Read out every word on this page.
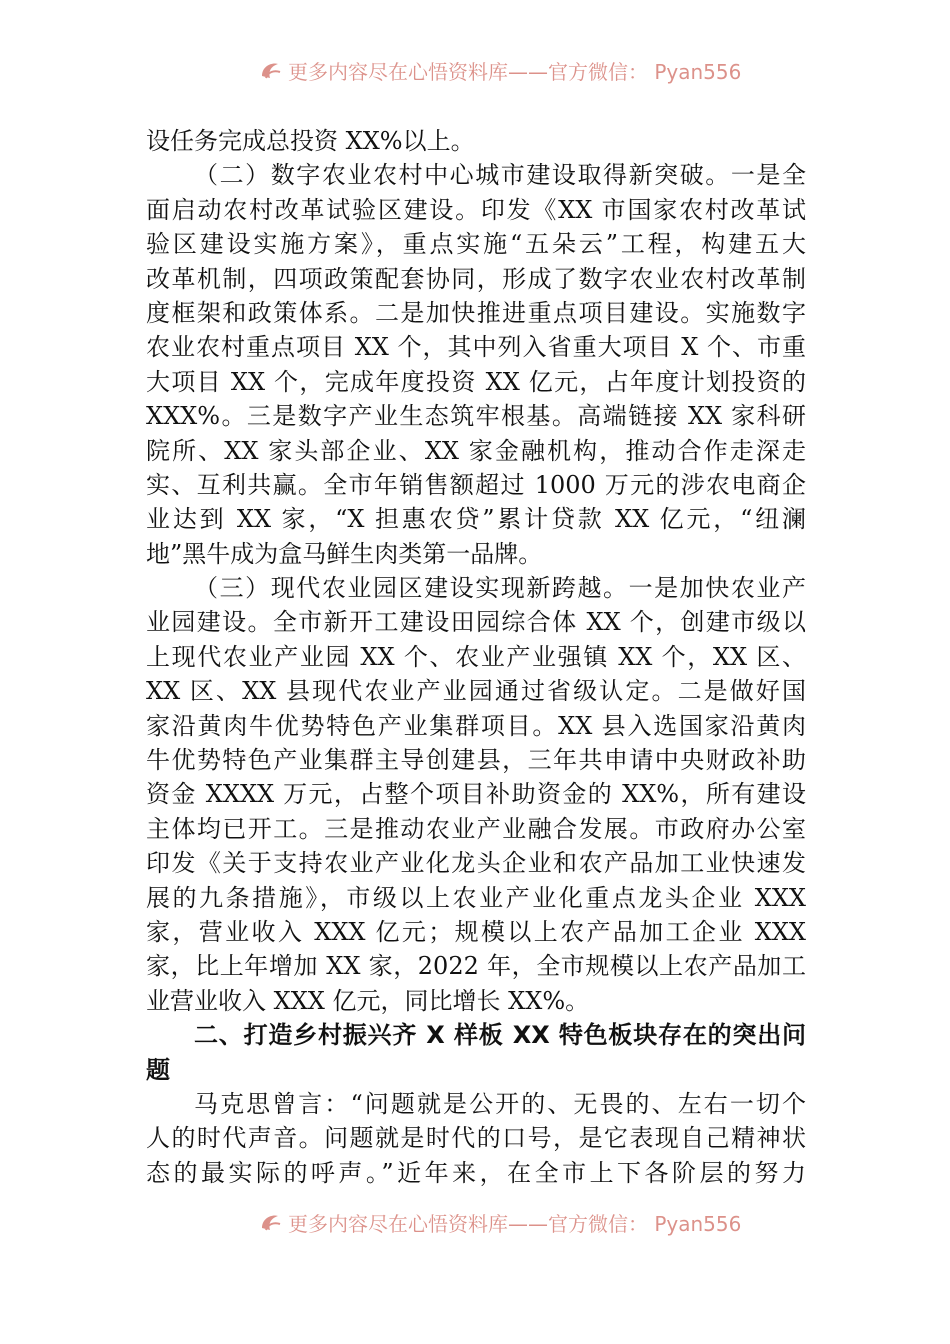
更多内容尽在心悟资料库——官方微信： Pyan556
设任务完成总投资 XX%以上。
（二）数字农业农村中心城市建设取得新突破。一是全
面启动农村改革试验区建设。印发《XX 市国家农村改革试
验区建设实施方案》，重点实施“五朵云”工程，构建五大
改革机制，四项政策配套协同，形成了数字农业农村改革制
度框架和政策体系。二是加快推进重点项目建设。实施数字
农业农村重点项目 XX 个，其中列入省重大项目 X 个、市重
大项目 XX 个，完成年度投资 XX 亿元，占年度计划投资的
XXX%。三是数字产业生态筑牢根基。高端链接 XX 家科研
院所、XX 家头部企业、XX 家金融机构，推动合作走深走
实、互利共赢。全市年销售额超过 1000 万元的涉农电商企
业达到 XX 家，“X 担惠农贷”累计贷款 XX 亿元，“纽澜
地”黑牛成为盒马鲜生肉类第一品牌。
（三）现代农业园区建设实现新跨越。一是加快农业产
业园建设。全市新开工建设田园综合体 XX 个，创建市级以
上现代农业产业园 XX 个、农业产业强镇 XX 个，XX 区、
XX 区、XX 县现代农业产业园通过省级认定。二是做好国
家沿黄肉牛优势特色产业集群项目。XX 县入选国家沿黄肉
牛优势特色产业集群主导创建县，三年共申请中央财政补助
资金 XXXX 万元，占整个项目补助资金的 XX%，所有建设
主体均已开工。三是推动农业产业融合发展。市政府办公室
印发《关于支持农业产业化龙头企业和农产品加工业快速发
展的九条措施》，市级以上农业产业化重点龙头企业 XXX
家，营业收入 XXX 亿元；规模以上农产品加工企业 XXX
家，比上年增加 XX 家，2022 年，全市规模以上农产品加工
业营业收入 XXX 亿元，同比增长 XX%。
二、打造乡村振兴齐 X 样板 XX 特色板块存在的突出问
题
马克思曾言：“问题就是公开的、无畏的、左右一切个
人的时代声音。问题就是时代的口号，是它表现自己精神状
态的最实际的呼声。”近年来，在全市上下各阶层的努力
更多内容尽在心悟资料库——官方微信： Pyan556
